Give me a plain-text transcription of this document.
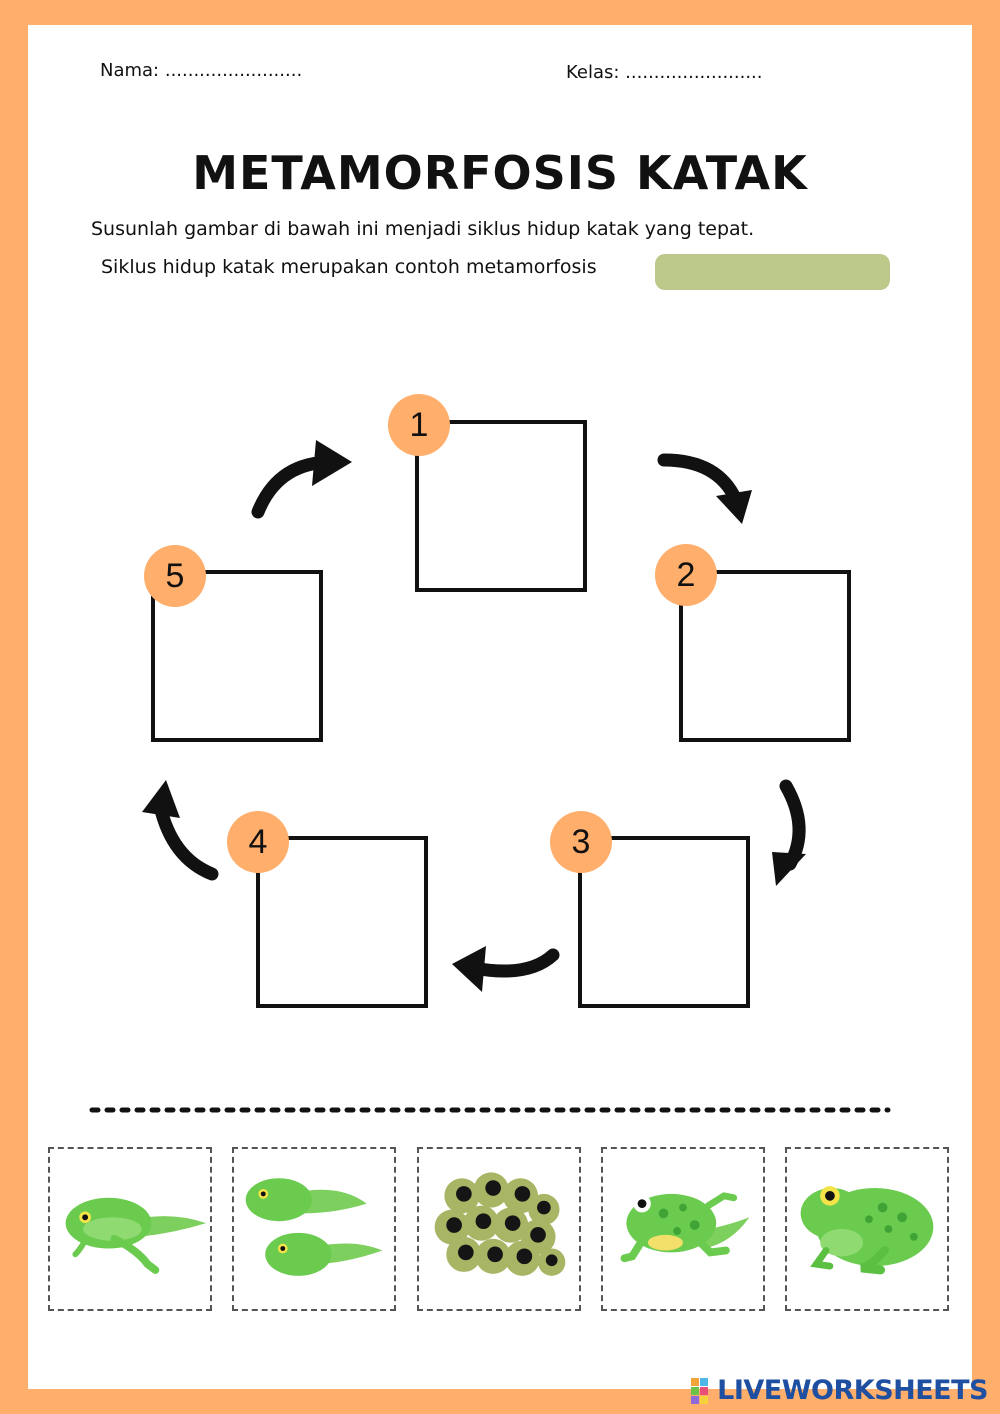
Nama: ........................	Kelas: ........................
METAMORFOSIS KATAK
Susunlah gambar di bawah ini menjadi siklus hidup katak yang tepat.
Siklus hidup katak merupakan contoh metamorfosis
1
2
3
4
5
LIVEWORKSHEETS
